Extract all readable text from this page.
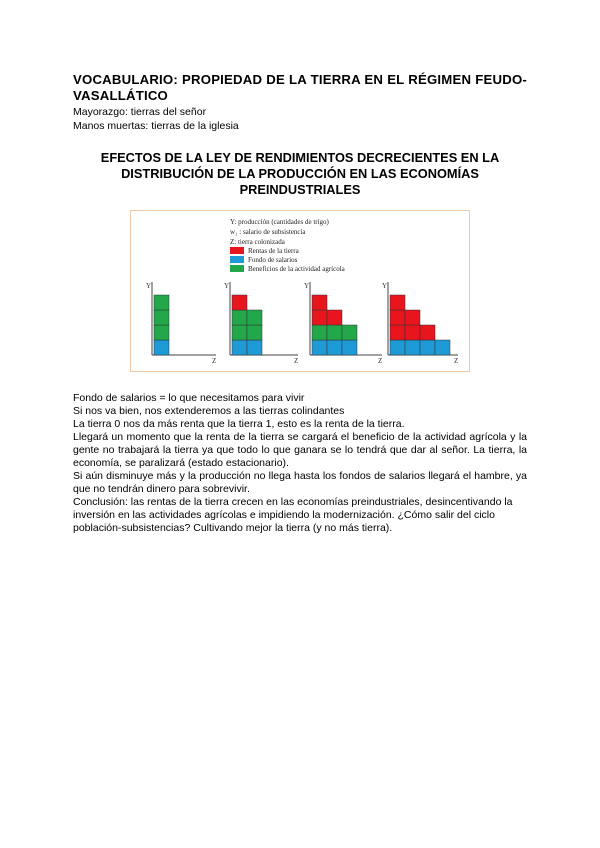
VOCABULARIO: PROPIEDAD DE LA TIERRA EN EL RÉGIMEN FEUDO-VASALLÁTICO

Mayorazgo: tierras del señor

Manos muertas: tierras de la iglesia

EFECTOS DE LA LEY DE RENDIMIENTOS DECRECIENTES EN LA DISTRIBUCIÓN DE LA PRODUCCIÓN EN LAS ECONOMÍAS PREINDUSTRIALES
Y: producción (cantidades de trigo)
w₁ : salario de subsistencia
Z: tierra colonizada
Rentas de la tierra
Fondo de salarios
Beneficios de la actividad agrícola
Y
Z
Y
Z
Y
Z
Y
Z

Fondo de salarios = lo que necesitamos para vivir

Si nos va bien, nos extenderemos a las tierras colindantes

La tierra 0 nos da más renta que la tierra 1, esto es la renta de la tierra.

Llegará un momento que la renta de la tierra se cargará el beneficio de la actividad agrícola y la gente no trabajará la tierra ya que todo lo que ganara se lo tendrá que dar al señor. La tierra, la economía, se paralizará (estado estacionario).

Si aún disminuye más y la producción no llega hasta los fondos de salarios llegará el hambre, ya que no tendrán dinero para sobrevivir.

Conclusión: las rentas de la tierra crecen en las economías preindustriales, desincentivando la inversión en las actividades agrícolas e impidiendo la modernización. ¿Cómo salir del ciclo población-subsistencias? Cultivando mejor la tierra (y no más tierra).
